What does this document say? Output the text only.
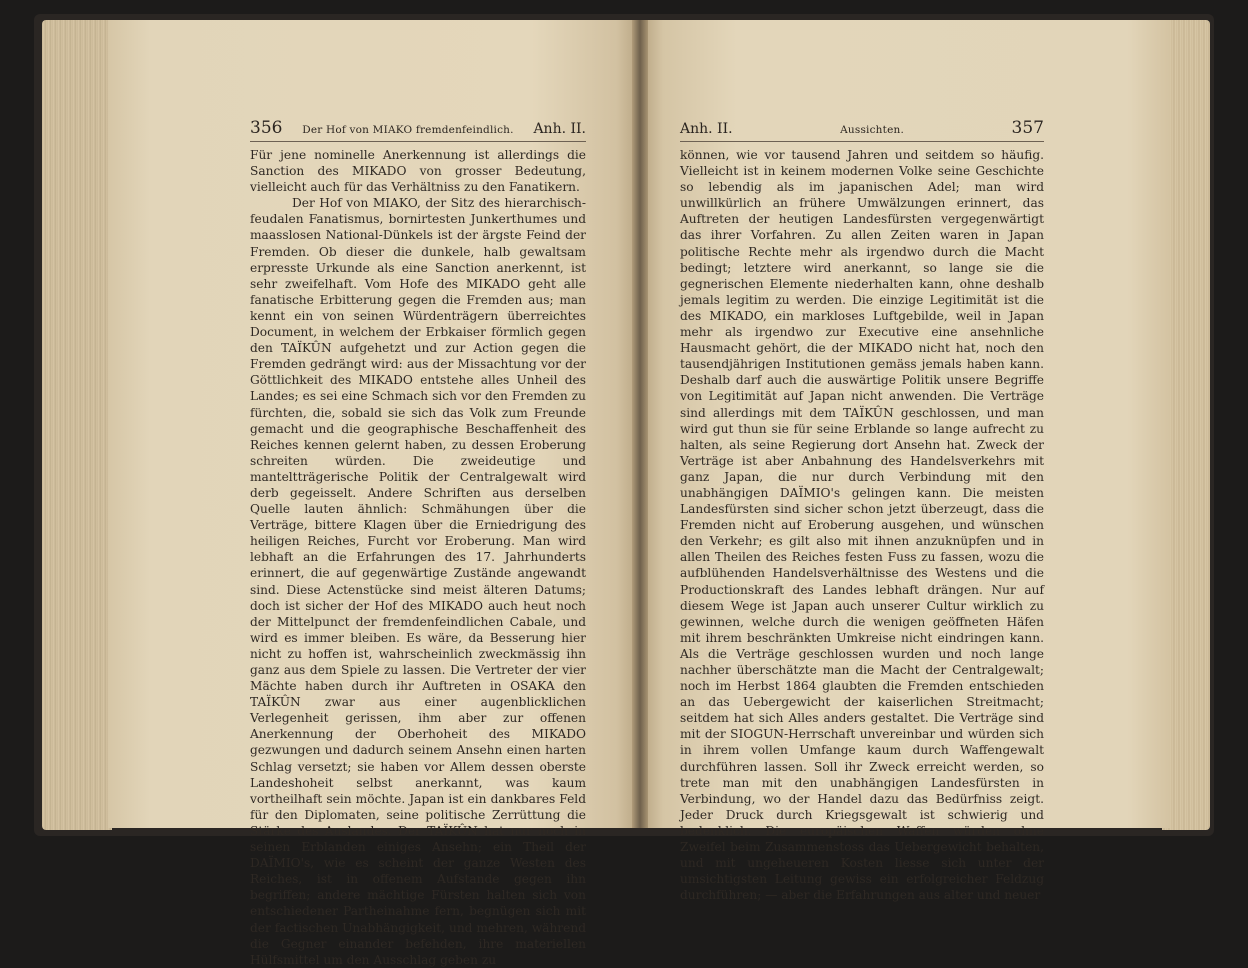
356 Der Hof von MIAKO fremdenfeindlich. Anh. II.	Anh. II.	Aussichten.	357

Für jene nominelle Anerkennung ist allerdings die Sanction des MIKADO von grosser Bedeutung, vielleicht auch für das Verhältniss zu den Fanatikern.

Der Hof von MIAKO, der Sitz des hierarchisch-feudalen Fanatismus, bornirtesten Junkerthumes und maasslosen National-Dünkels ist der ärgste Feind der Fremden. Ob dieser die dunkele, halb gewaltsam erpresste Urkunde als eine Sanction anerkennt, ist sehr zweifelhaft. Vom Hofe des MIKADO geht alle fanatische Erbitterung gegen die Fremden aus; man kennt ein von seinen Würdenträgern überreichtes Document, in welchem der Erbkaiser förmlich gegen den TAÏKÛN aufgehetzt und zur Action gegen die Fremden gedrängt wird: aus der Missachtung vor der Göttlichkeit des MIKADO entstehe alles Unheil des Landes; es sei eine Schmach sich vor den Fremden zu fürchten, die, sobald sie sich das Volk zum Freunde gemacht und die geographische Beschaffenheit des Reiches kennen gelernt haben, zu dessen Eroberung schreiten würden. Die zweideutige und manteltträgerische Politik der Centralgewalt wird derb gegeisselt. Andere Schriften aus derselben Quelle lauten ähnlich: Schmähungen über die Verträge, bittere Klagen über die Erniedrigung des heiligen Reiches, Furcht vor Eroberung. Man wird lebhaft an die Erfahrungen des 17. Jahrhunderts erinnert, die auf gegenwärtige Zustände angewandt sind. Diese Actenstücke sind meist älteren Datums; doch ist sicher der Hof des MIKADO auch heut noch der Mittelpunct der fremdenfeindlichen Cabale, und wird es immer bleiben. Es wäre, da Besserung hier nicht zu hoffen ist, wahrscheinlich zweckmässig ihn ganz aus dem Spiele zu lassen. Die Vertreter der vier Mächte haben durch ihr Auftreten in OSAKA den TAÏKÛN zwar aus einer augenblicklichen Verlegenheit gerissen, ihm aber zur offenen Anerkennung der Oberhoheit des MIKADO gezwungen und dadurch seinem Ansehn einen harten Schlag versetzt; sie haben vor Allem dessen oberste Landeshoheit selbst anerkannt, was kaum vortheilhaft sein möchte. Japan ist ein dankbares Feld für den Diplomaten, seine politische Zerrüttung die Stärke des Auslandes. Der TAÏKÛN hat nur noch in seinen Erblanden einiges Ansehn; ein Theil der DAÏMIO's, wie es scheint der ganze Westen des Reiches, ist in offenem Aufstande gegen ihn begriffen; andere mächtige Fürsten halten sich von entschiedener Partheinahme fern, begnügen sich mit der factischen Unabhängigkeit, und mehren, während die Gegner einander befehden, ihre materiellen Hülfsmittel um den Ausschlag geben zu

können, wie vor tausend Jahren und seitdem so häufig. Vielleicht ist in keinem modernen Volke seine Geschichte so lebendig als im japanischen Adel; man wird unwillkürlich an frühere Umwälzungen erinnert, das Auftreten der heutigen Landesfürsten vergegenwärtigt das ihrer Vorfahren. Zu allen Zeiten waren in Japan politische Rechte mehr als irgendwo durch die Macht bedingt; letztere wird anerkannt, so lange sie die gegnerischen Elemente niederhalten kann, ohne deshalb jemals legitim zu werden. Die einzige Legitimität ist die des MIKADO, ein markloses Luftgebilde, weil in Japan mehr als irgendwo zur Executive eine ansehnliche Hausmacht gehört, die der MIKADO nicht hat, noch den tausendjährigen Institutionen gemäss jemals haben kann. Deshalb darf auch die auswärtige Politik unsere Begriffe von Legitimität auf Japan nicht anwenden. Die Verträge sind allerdings mit dem TAÏKÛN geschlossen, und man wird gut thun sie für seine Erblande so lange aufrecht zu halten, als seine Regierung dort Ansehn hat. Zweck der Verträge ist aber Anbahnung des Handelsverkehrs mit ganz Japan, die nur durch Verbindung mit den unabhängigen DAÏMIO's gelingen kann. Die meisten Landesfürsten sind sicher schon jetzt überzeugt, dass die Fremden nicht auf Eroberung ausgehen, und wünschen den Verkehr; es gilt also mit ihnen anzuknüpfen und in allen Theilen des Reiches festen Fuss zu fassen, wozu die aufblühenden Handelsverhältnisse des Westens und die Productionskraft des Landes lebhaft drängen. Nur auf diesem Wege ist Japan auch unserer Cultur wirklich zu gewinnen, welche durch die wenigen geöffneten Häfen mit ihrem beschränkten Umkreise nicht eindringen kann. Als die Verträge geschlossen wurden und noch lange nachher überschätzte man die Macht der Centralgewalt; noch im Herbst 1864 glaubten die Fremden entschieden an das Uebergewicht der kaiserlichen Streitmacht; seitdem hat sich Alles anders gestaltet. Die Verträge sind mit der SIOGUN-Herrschaft unvereinbar und würden sich in ihrem vollen Umfange kaum durch Waffengewalt durchführen lassen. Soll ihr Zweck erreicht werden, so trete man mit den unabhängigen Landesfürsten in Verbindung, wo der Handel dazu das Bedürfniss zeigt. Jeder Druck durch Kriegsgewalt ist schwierig und bedenklich. Die europäischen Waffen würden ohne Zweifel beim Zusammenstoss das Uebergewicht behalten, und mit ungeheueren Kosten liesse sich unter der umsichtigsten Leitung gewiss ein erfolgreicher Feldzug durchführen; — aber die Erfahrungen aus alter und neuer
